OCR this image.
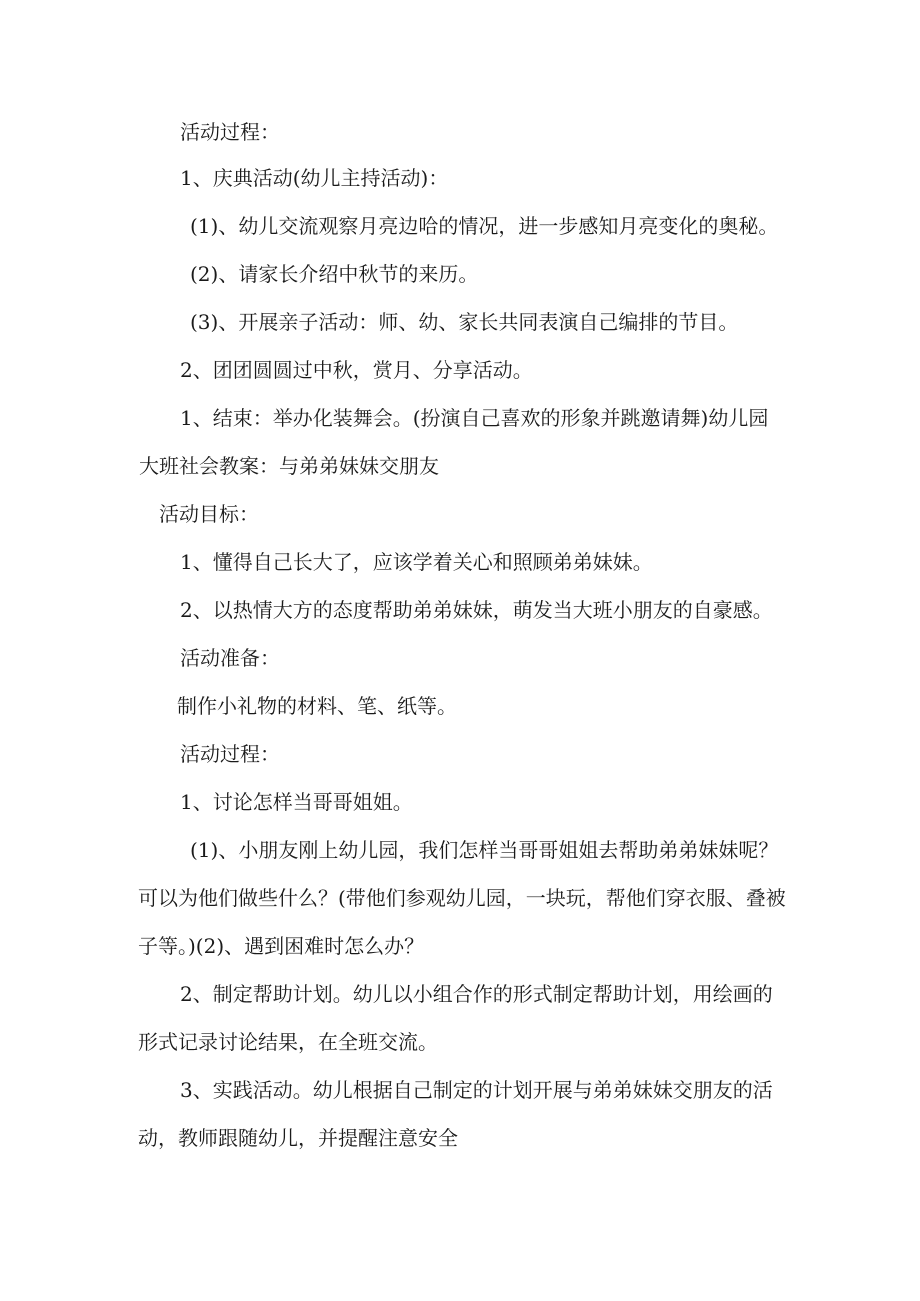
活动过程：

1、庆典活动(幼儿主持活动)：

(1)、幼儿交流观察月亮边哈的情况，进一步感知月亮变化的奥秘。

(2)、请家长介绍中秋节的来历。

(3)、开展亲子活动：师、幼、家长共同表演自己编排的节目。

2、团团圆圆过中秋，赏月、分享活动。

1、结束：举办化装舞会。(扮演自己喜欢的形象并跳邀请舞)幼儿园

大班社会教案：与弟弟妹妹交朋友

活动目标：

1、懂得自己长大了，应该学着关心和照顾弟弟妹妹。

2、以热情大方的态度帮助弟弟妹妹，萌发当大班小朋友的自豪感。

活动准备：

制作小礼物的材料、笔、纸等。

活动过程：

1、讨论怎样当哥哥姐姐。

(1)、小朋友刚上幼儿园，我们怎样当哥哥姐姐去帮助弟弟妹妹呢？

可以为他们做些什么？(带他们参观幼儿园，一块玩，帮他们穿衣服、叠被

子等。)(2)、遇到困难时怎么办？

2、制定帮助计划。幼儿以小组合作的形式制定帮助计划，用绘画的

形式记录讨论结果，在全班交流。

3、实践活动。幼儿根据自己制定的计划开展与弟弟妹妹交朋友的活

动，教师跟随幼儿，并提醒注意安全
